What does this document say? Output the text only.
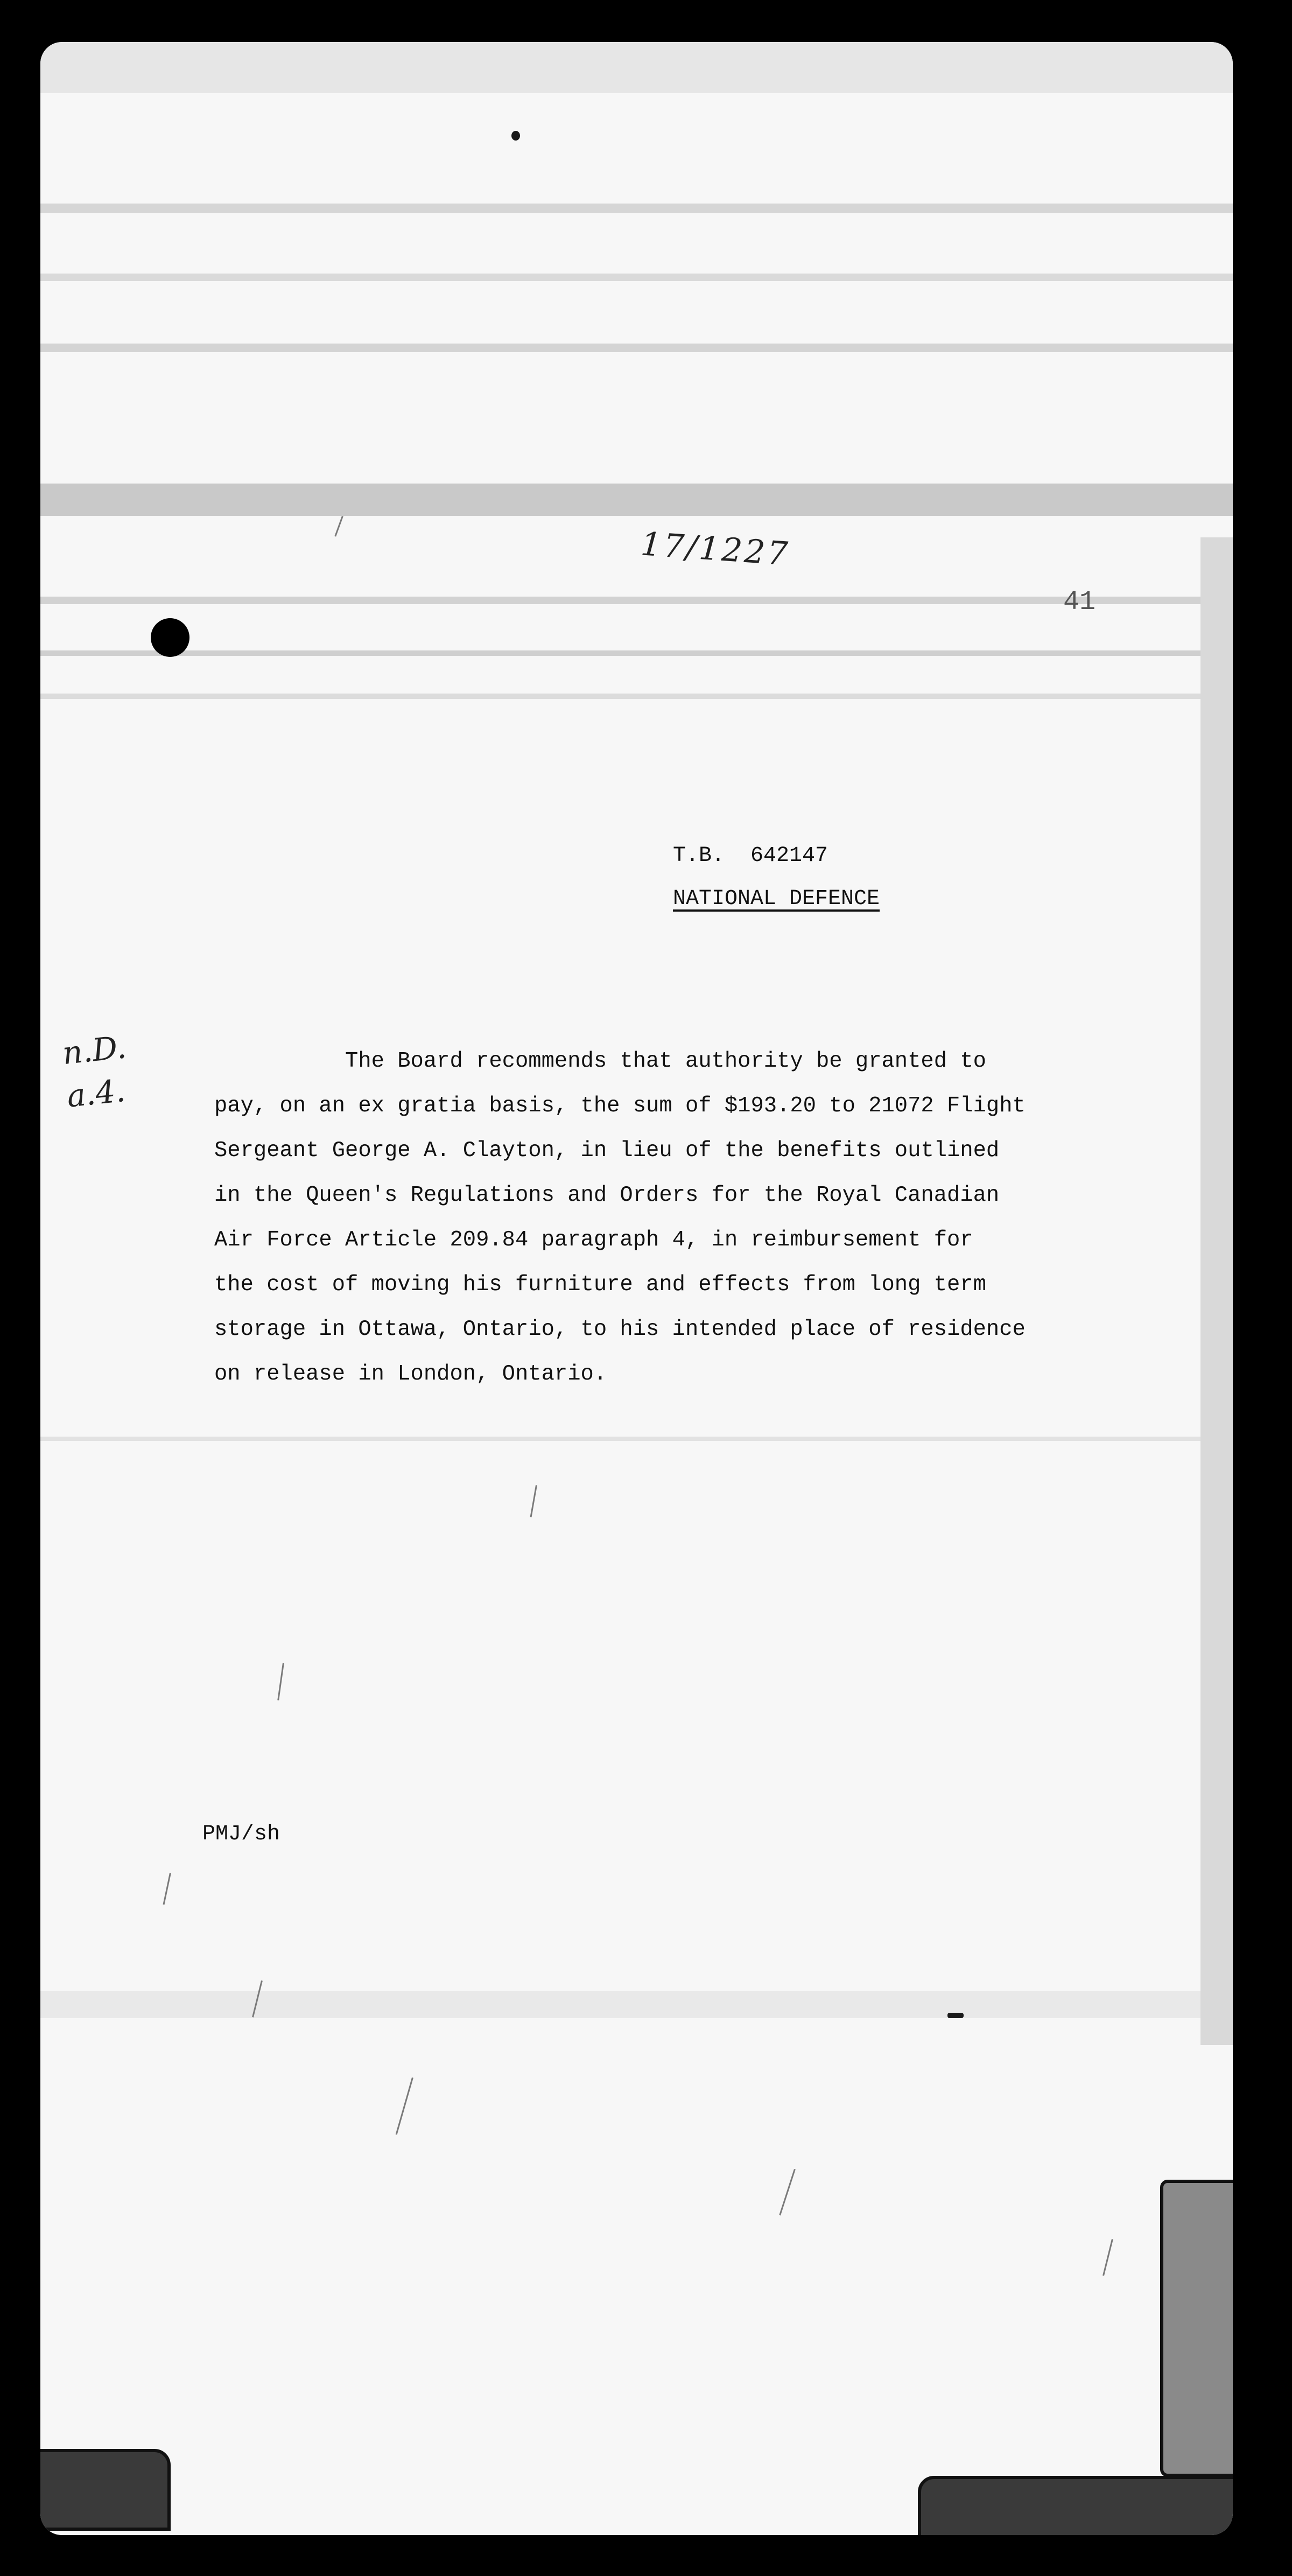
17/1227
41
T.B.  642147
NATIONAL DEFENCE
n.D.
a.4.
The Board recommends that authority be granted to
pay, on an ex gratia basis, the sum of $193.20 to 21072 Flight
Sergeant George A. Clayton, in lieu of the benefits outlined
in the Queen's Regulations and Orders for the Royal Canadian
Air Force Article 209.84 paragraph 4, in reimbursement for
the cost of moving his furniture and effects from long term
storage in Ottawa, Ontario, to his intended place of residence
on release in London, Ontario.
PMJ/sh
